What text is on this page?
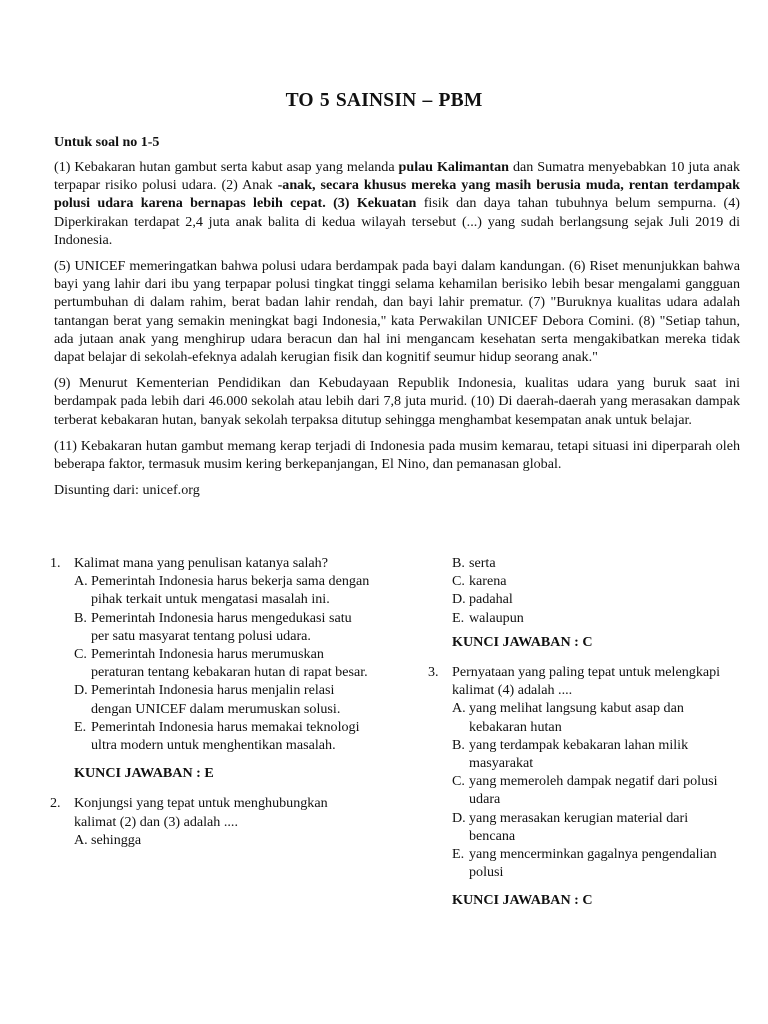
TO 5 SAINSIN – PBM
Untuk soal no 1-5

(1) Kebakaran hutan gambut serta kabut asap yang melanda pulau Kalimantan dan Sumatra menyebabkan 10 juta anak terpapar risiko polusi udara. (2) Anak -anak, secara khusus mereka yang masih berusia muda, rentan terdampak polusi udara karena bernapas lebih cepat. (3) Kekuatan fisik dan daya tahan tubuhnya belum sempurna. (4) Diperkirakan terdapat 2,4 juta anak balita di kedua wilayah tersebut (...) yang sudah berlangsung sejak Juli 2019 di Indonesia.

(5) UNICEF memeringatkan bahwa polusi udara berdampak pada bayi dalam kandungan. (6) Riset menunjukkan bahwa bayi yang lahir dari ibu yang terpapar polusi tingkat tinggi selama kehamilan berisiko lebih besar mengalami gangguan pertumbuhan di dalam rahim, berat badan lahir rendah, dan bayi lahir prematur. (7) "Buruknya kualitas udara adalah tantangan berat yang semakin meningkat bagi Indonesia," kata Perwakilan UNICEF Debora Comini. (8) "Setiap tahun, ada jutaan anak yang menghirup udara beracun dan hal ini mengancam kesehatan serta mengakibatkan mereka tidak dapat belajar di sekolah-efeknya adalah kerugian fisik dan kognitif seumur hidup seorang anak."

(9) Menurut Kementerian Pendidikan dan Kebudayaan Republik Indonesia, kualitas udara yang buruk saat ini berdampak pada lebih dari 46.000 sekolah atau lebih dari 7,8 juta murid. (10) Di daerah-daerah yang merasakan dampak terberat kebakaran hutan, banyak sekolah terpaksa ditutup sehingga menghambat kesempatan anak untuk belajar.

(11) Kebakaran hutan gambut memang kerap terjadi di Indonesia pada musim kemarau, tetapi situasi ini diperparah oleh beberapa faktor, termasuk musim kering berkepanjangan, El Nino, dan pemanasan global.

Disunting dari: unicef.org
1. Kalimat mana yang penulisan katanya salah?
A. Pemerintah Indonesia harus bekerja sama dengan pihak terkait untuk mengatasi masalah ini.
B. Pemerintah Indonesia harus mengedukasi satu per satu masyarat tentang polusi udara.
C. Pemerintah Indonesia harus merumuskan peraturan tentang kebakaran hutan di rapat besar.
D. Pemerintah Indonesia harus menjalin relasi dengan UNICEF dalam merumuskan solusi.
E. Pemerintah Indonesia harus memakai teknologi ultra modern untuk menghentikan masalah.
KUNCI JAWABAN : E
2. Konjungsi yang tepat untuk menghubungkan kalimat (2) dan (3) adalah ....
A. sehingga
B. serta
C. karena
D. padahal
E. walaupun
KUNCI JAWABAN : C
3. Pernyataan yang paling tepat untuk melengkapi kalimat (4) adalah ....
A. yang melihat langsung kabut asap dan kebakaran hutan
B. yang terdampak kebakaran lahan milik masyarakat
C. yang memeroleh dampak negatif dari polusi udara
D. yang merasakan kerugian material dari bencana
E. yang mencerminkan gagalnya pengendalian polusi
KUNCI JAWABAN : C
